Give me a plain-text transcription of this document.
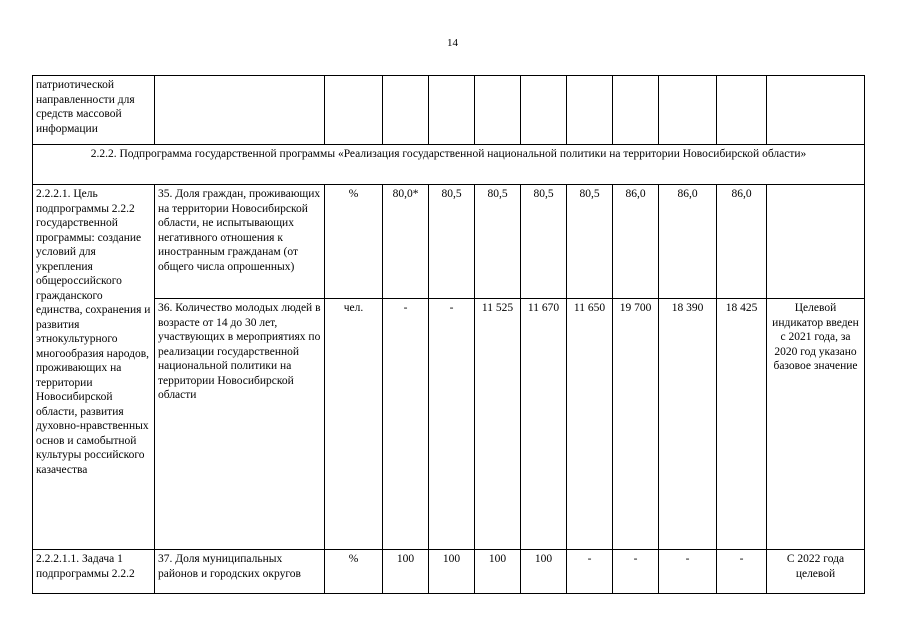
14
патриотической направленности для средств массовой информации											
2.2.2. Подпрограмма государственной программы «Реализация государственной национальной политики на территории Новосибирской области»											
2.2.2.1. Цель подпрограммы 2.2.2 государственной программы: создание условий для укрепления общероссийского гражданского единства, сохранения и развития этнокультурного многообразия народов, проживающих на территории Новосибирской области, развития духовно-нравственных основ и самобытной культуры российского казачества	35. Доля граждан, проживающих на территории Новосибирской области, не испытывающих негативного отношения к иностранным гражданам (от общего числа опрошенных)	%	80,0*	80,5	80,5	80,5	80,5	86,0	86,0	86,0	
	36. Количество молодых людей в возрасте от 14 до 30 лет, участвующих в мероприятиях по реализации государственной национальной политики на территории Новосибирской области	чел.	-	-	11 525	11 670	11 650	19 700	18 390	18 425	Целевой индикатор введен с 2021 года, за 2020 год указано базовое значение
2.2.2.1.1. Задача 1 подпрограммы 2.2.2	37. Доля муниципальных районов и городских округов	%	100	100	100	100	-	-	-	-	С 2022 года целевой
